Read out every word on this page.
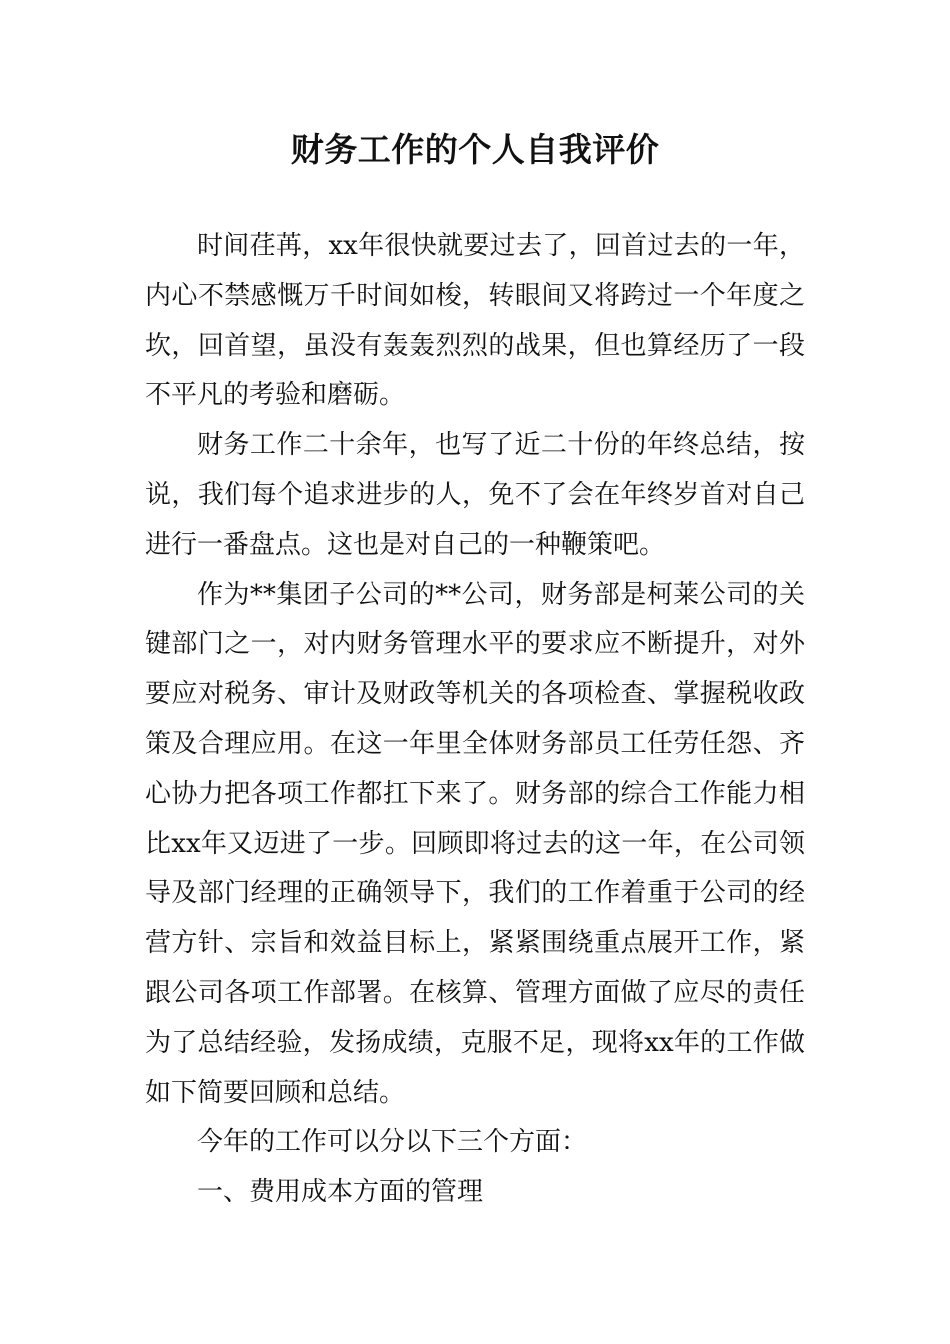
财务工作的个人自我评价

时间荏苒，xx年很快就要过去了，回首过去的一年，内心不禁感慨万千时间如梭，转眼间又将跨过一个年度之坎，回首望，虽没有轰轰烈烈的战果，但也算经历了一段不平凡的考验和磨砺。

财务工作二十余年，也写了近二十份的年终总结，按说，我们每个追求进步的人，免不了会在年终岁首对自己进行一番盘点。这也是对自己的一种鞭策吧。

作为**集团子公司的**公司，财务部是柯莱公司的关键部门之一，对内财务管理水平的要求应不断提升，对外要应对税务、审计及财政等机关的各项检查、掌握税收政策及合理应用。在这一年里全体财务部员工任劳任怨、齐心协力把各项工作都扛下来了。财务部的综合工作能力相比xx年又迈进了一步。回顾即将过去的这一年，在公司领导及部门经理的正确领导下，我们的工作着重于公司的经营方针、宗旨和效益目标上，紧紧围绕重点展开工作，紧跟公司各项工作部署。在核算、管理方面做了应尽的责任为了总结经验，发扬成绩，克服不足，现将xx年的工作做如下简要回顾和总结。

今年的工作可以分以下三个方面：

一、费用成本方面的管理
